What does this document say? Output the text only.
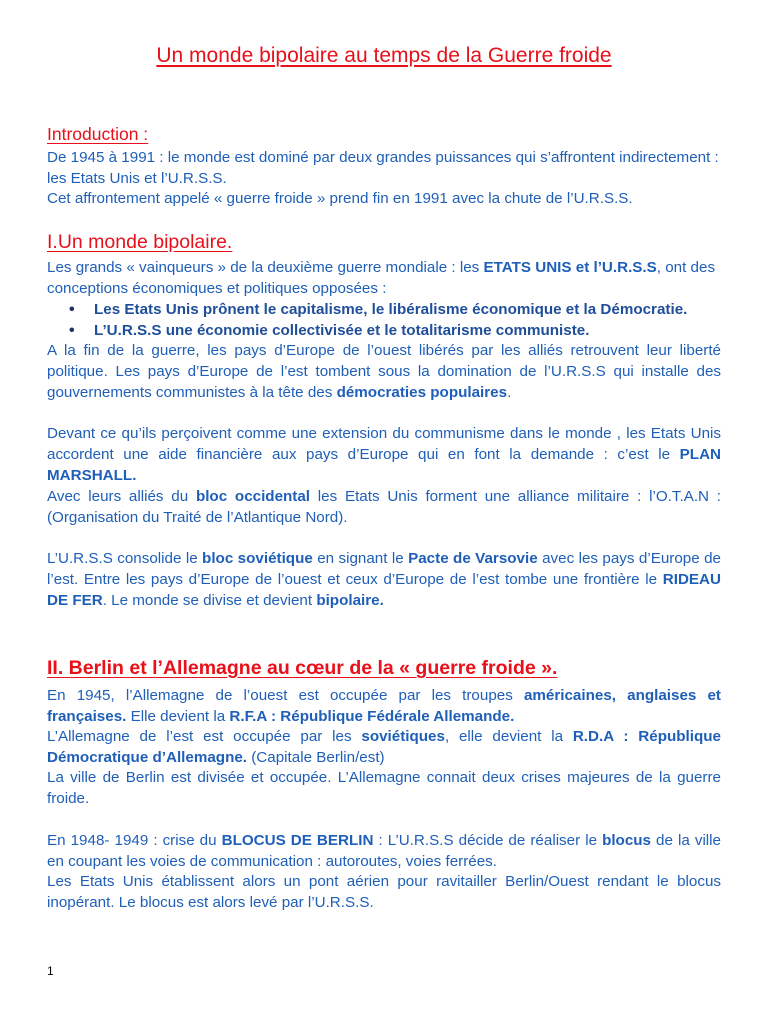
Un monde bipolaire au temps de la Guerre froide
Introduction :
De 1945 à 1991 : le monde est dominé par deux grandes puissances qui s’affrontent indirectement : les Etats Unis et l’U.R.S.S.
Cet affrontement appelé « guerre froide » prend fin en 1991 avec la chute de l’U.R.S.S.
I.Un monde bipolaire.
Les grands « vainqueurs » de la deuxième guerre mondiale : les ETATS UNIS et l’U.R.S.S, ont des conceptions économiques et politiques opposées :
• Les Etats Unis prônent le capitalisme, le libéralisme économique et la Démocratie.
• L’U.R.S.S une économie collectivisée et le totalitarisme communiste.
A la fin de la guerre, les pays d’Europe de l’ouest libérés par les alliés retrouvent leur liberté politique. Les pays d’Europe de l’est tombent sous la domination de l’U.R.S.S qui installe des gouvernements communistes à la tête des démocraties populaires.
Devant ce qu’ils perçoivent comme une extension du communisme dans le monde , les Etats Unis accordent une aide financière aux pays d’Europe qui en font la demande : c’est le PLAN MARSHALL.
Avec leurs alliés du bloc occidental les Etats Unis forment une alliance militaire : l’O.T.A.N : (Organisation du Traité de l’Atlantique Nord).
L’U.R.S.S consolide le bloc soviétique en signant le Pacte de Varsovie avec les pays d’Europe de l’est. Entre les pays d’Europe de l’ouest et ceux d’Europe de l’est tombe une frontière le RIDEAU DE FER. Le monde se divise et devient bipolaire.
II. Berlin et l’Allemagne au cœur de la « guerre froide ».
En 1945, l’Allemagne de l’ouest est occupée par les troupes américaines, anglaises et françaises. Elle devient la R.F.A : République Fédérale Allemande.
L’Allemagne de l’est est occupée par les soviétiques, elle devient la R.D.A : République Démocratique d’Allemagne. (Capitale Berlin/est)
La ville de Berlin est divisée et occupée. L’Allemagne connait deux crises majeures de la guerre froide.
En 1948- 1949 : crise du BLOCUS DE BERLIN : L’U.R.S.S décide de réaliser le blocus de la ville en coupant les voies de communication : autoroutes, voies ferrées.
Les Etats Unis établissent alors un pont aérien pour ravitailler Berlin/Ouest rendant le blocus inopérant. Le blocus est alors levé par l’U.R.S.S.
1
